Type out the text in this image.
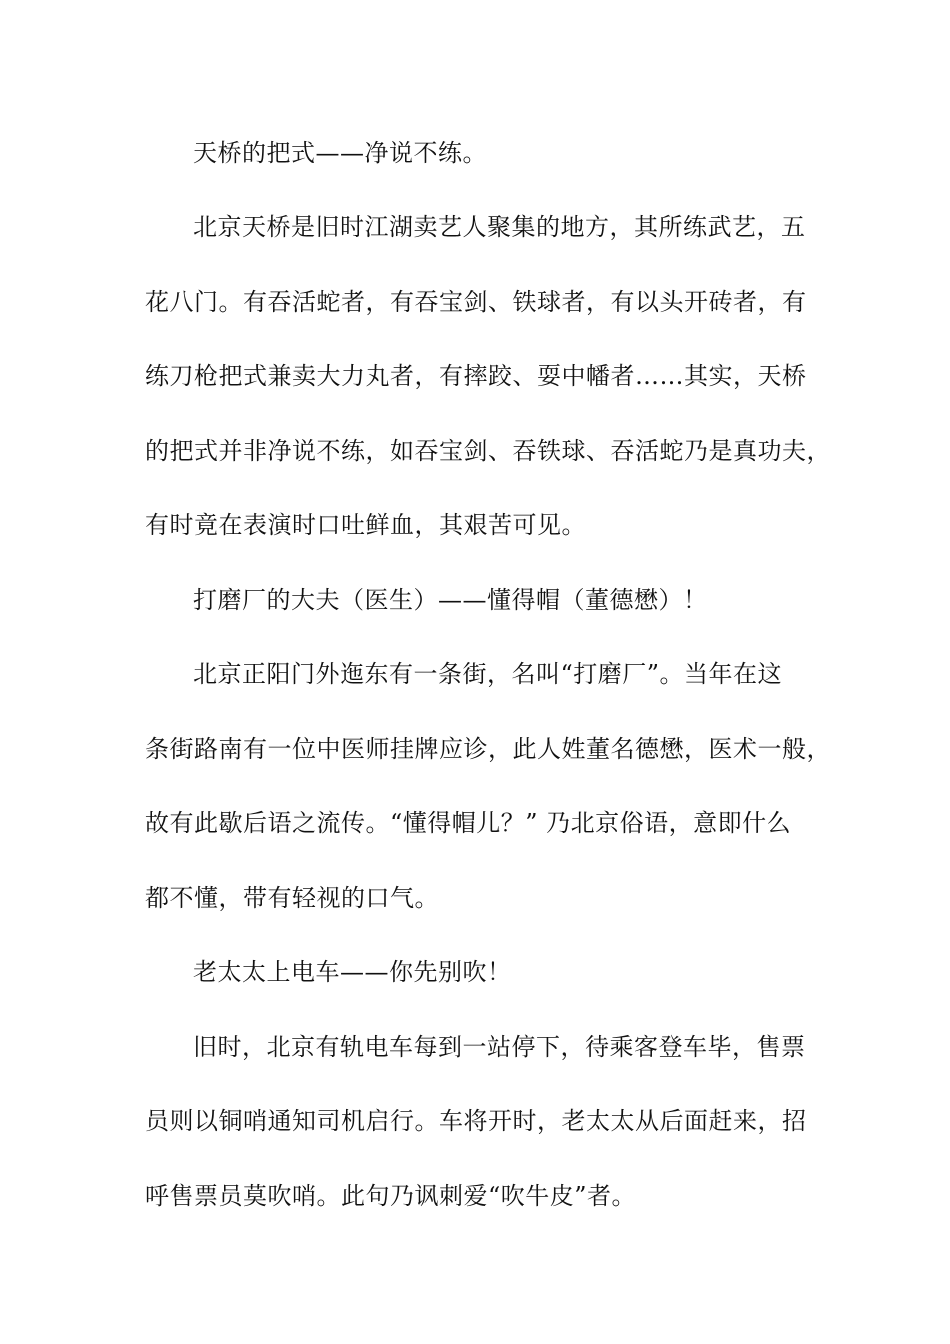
天桥的把式——净说不练。
北京天桥是旧时江湖卖艺人聚集的地方，其所练武艺，五
花八门。有吞活蛇者，有吞宝剑、铁球者，有以头开砖者，有
练刀枪把式兼卖大力丸者，有摔跤、耍中幡者……其实，天桥
的把式并非净说不练，如吞宝剑、吞铁球、吞活蛇乃是真功夫，
有时竟在表演时口吐鲜血，其艰苦可见。
打磨厂的大夫（医生）——懂得帽（董德懋）！
北京正阳门外迤东有一条街，名叫“打磨厂”。当年在这
条街路南有一位中医师挂牌应诊，此人姓董名德懋，医术一般，
故有此歇后语之流传。“懂得帽儿？” 乃北京俗语，意即什么
都不懂，带有轻视的口气。
老太太上电车——你先别吹！
旧时，北京有轨电车每到一站停下，待乘客登车毕，售票
员则以铜哨通知司机启行。车将开时，老太太从后面赶来，招
呼售票员莫吹哨。此句乃讽刺爱“吹牛皮”者。
